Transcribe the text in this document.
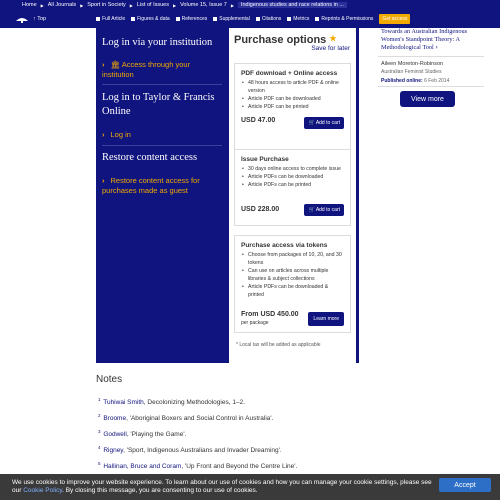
Home ▶ All Journals ▶ Sport in Society ▶ List of Issues ▶ Volume 15, Issue 7 ▶	Indigenous studies and race relations in ...
↑ Top	Full Article Figures & data References Supplemental Citations Metrics Reprints & Permissions	Get access
Log in via your institution
› 🏛 Access through your institution
Log in to Taylor & Francis Online
› Log in
Restore content access
› Restore content access for purchases made as guest
Purchase options ★
Save for later
PDF download + Online access
• 48 hours access to article PDF & online version
• Article PDF can be downloaded
• Article PDF can be printed
USD 47.00	🛒 Add to cart
Issue Purchase
• 30 days online access to complete issue
• Article PDFs can be downloaded
• Article PDFs can be printed
USD 228.00	🛒 Add to cart
Purchase access via tokens
• Choose from packages of 10, 20, and 30 tokens
• Can use on articles across multiple libraries & subject collections
• Article PDFs can be downloaded & printed
From USD 450.00
per package
Learn more
* Local tax will be added as applicable
Towards an Australian Indigenous Women's Standpoint Theory: A Methodological Tool ›
Aileen Moreton-Robinson
Australian Feminist Studies
Published online: 6 Feb 2014
View more
Notes
$^1$ Tuhiwai Smith, Decolonizing Methodologies, 1–2.
$^2$ Broome, 'Aboriginal Boxers and Social Control in Australia'.
$^3$ Godwell, 'Playing the Game'.
$^4$ Rigney, 'Sport, Indigenous Australians and Invader Dreaming'.
$^5$ Hallinan, Bruce and Coram, 'Up Front and Beyond the Centre Line'.
We use cookies to improve your website experience. To learn about our use of cookies and how you can manage your cookie settings, please see our Cookie Policy. By closing this message, you are consenting to our use of cookies.
Accept
